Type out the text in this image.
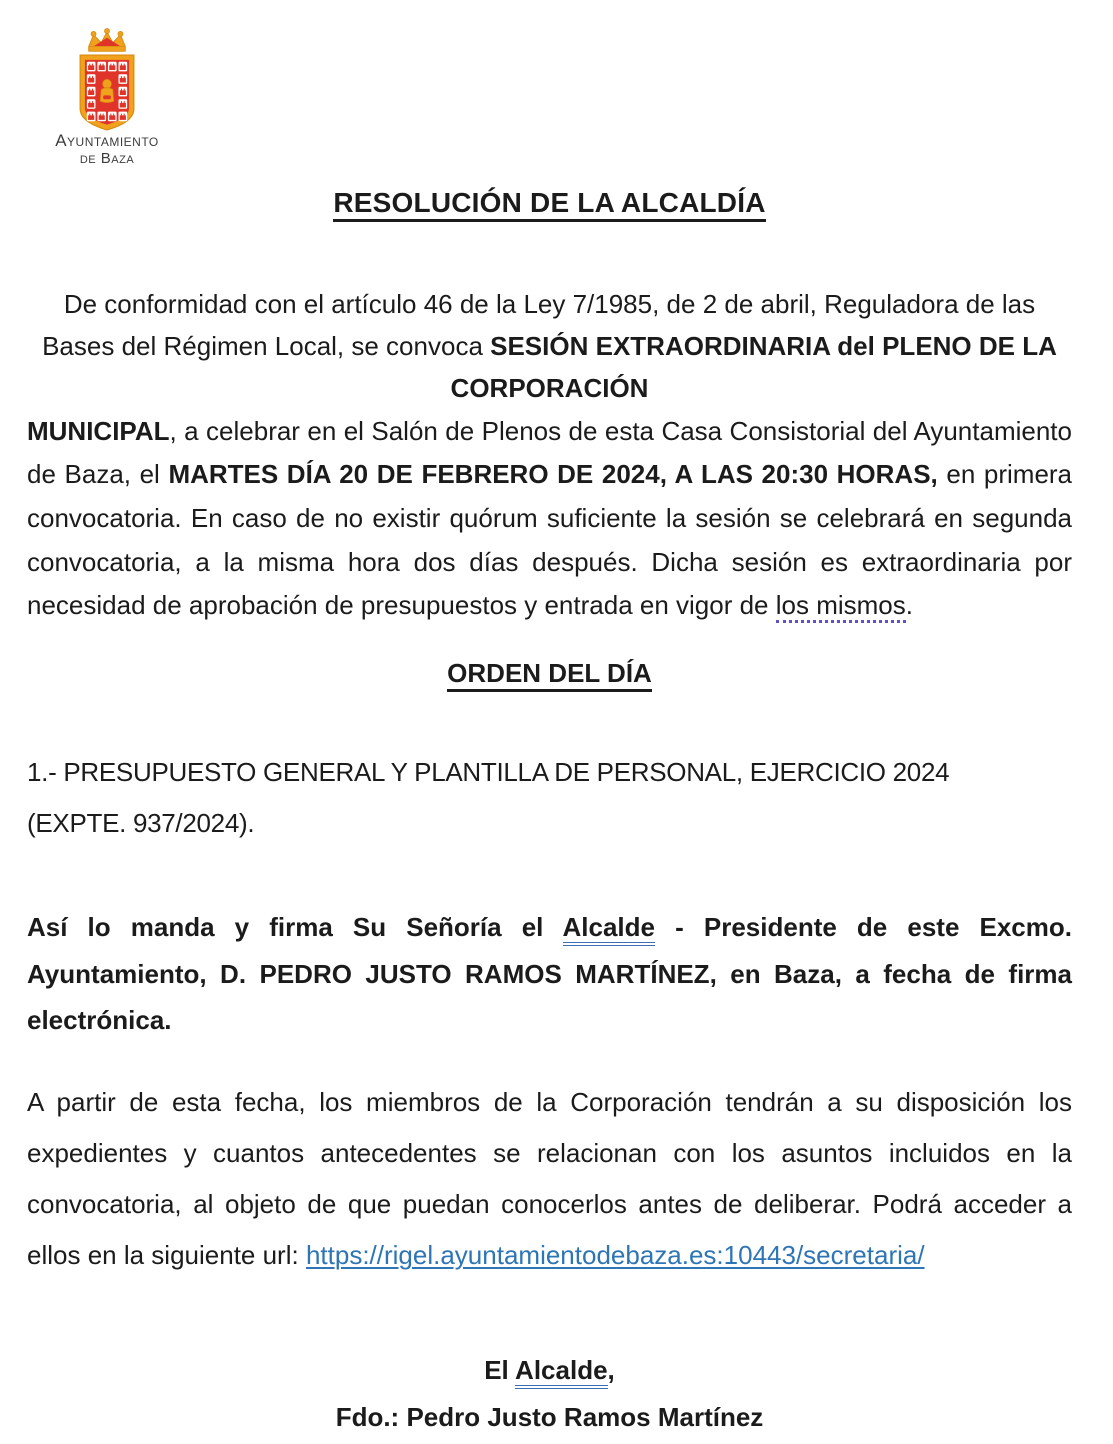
Ayuntamiento
de Baza
RESOLUCIÓN DE LA ALCALDÍA

De conformidad con el artículo 46 de la Ley 7/1985, de 2 de abril, Reguladora de las Bases del Régimen Local, se convoca SESIÓN EXTRAORDINARIA del PLENO DE LA CORPORACIÓN

MUNICIPAL, a celebrar en el Salón de Plenos de esta Casa Consistorial del Ayuntamiento de Baza, el MARTES DÍA 20 DE FEBRERO DE 2024, A LAS 20:30 HORAS, en primera convocatoria. En caso de no existir quórum suficiente la sesión se celebrará en segunda convocatoria, a la misma hora dos días después. Dicha sesión es extraordinaria por necesidad de aprobación de presupuestos y entrada en vigor de los mismos.

ORDEN DEL DÍA

1.- PRESUPUESTO GENERAL Y PLANTILLA DE PERSONAL, EJERCICIO 2024 (EXPTE. 937/2024).

Así lo manda y firma Su Señoría el Alcalde - Presidente de este Excmo. Ayuntamiento, D. PEDRO JUSTO RAMOS MARTÍNEZ, en Baza, a fecha de firma electrónica.

A partir de esta fecha, los miembros de la Corporación tendrán a su disposición los expedientes y cuantos antecedentes se relacionan con los asuntos incluidos en la convocatoria, al objeto de que puedan conocerlos antes de deliberar. Podrá acceder a ellos en la siguiente url: https://rigel.ayuntamientodebaza.es:10443/secretaria/

El Alcalde,
Fdo.: Pedro Justo Ramos Martínez
